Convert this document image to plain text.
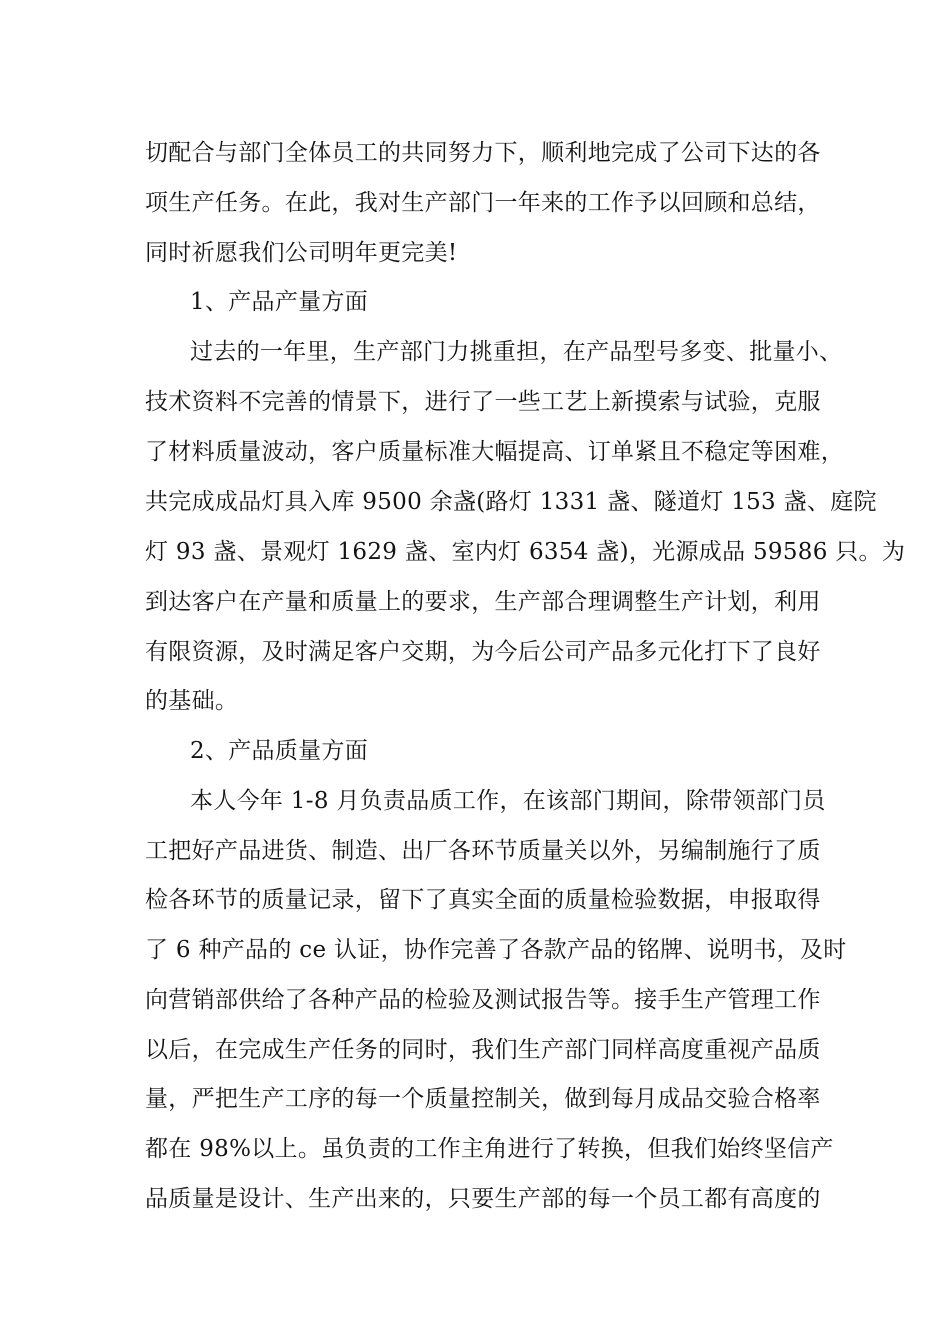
切配合与部门全体员工的共同努力下，顺利地完成了公司下达的各
项生产任务。在此，我对生产部门一年来的工作予以回顾和总结，
同时祈愿我们公司明年更完美!
1、产品产量方面
过去的一年里，生产部门力挑重担，在产品型号多变、批量小、
技术资料不完善的情景下，进行了一些工艺上新摸索与试验，克服
了材料质量波动，客户质量标准大幅提高、订单紧且不稳定等困难，
共完成成品灯具入库 9500 余盏(路灯 1331 盏、隧道灯 153 盏、庭院
灯 93 盏、景观灯 1629 盏、室内灯 6354 盏)，光源成品 59586 只。为
到达客户在产量和质量上的要求，生产部合理调整生产计划，利用
有限资源，及时满足客户交期，为今后公司产品多元化打下了良好
的基础。
2、产品质量方面
本人今年 1-8 月负责品质工作，在该部门期间，除带领部门员
工把好产品进货、制造、出厂各环节质量关以外，另编制施行了质
检各环节的质量记录，留下了真实全面的质量检验数据，申报取得
了 6 种产品的 ce 认证，协作完善了各款产品的铭牌、说明书，及时
向营销部供给了各种产品的检验及测试报告等。接手生产管理工作
以后，在完成生产任务的同时，我们生产部门同样高度重视产品质
量，严把生产工序的每一个质量控制关，做到每月成品交验合格率
都在 98%以上。虽负责的工作主角进行了转换，但我们始终坚信产
品质量是设计、生产出来的，只要生产部的每一个员工都有高度的
